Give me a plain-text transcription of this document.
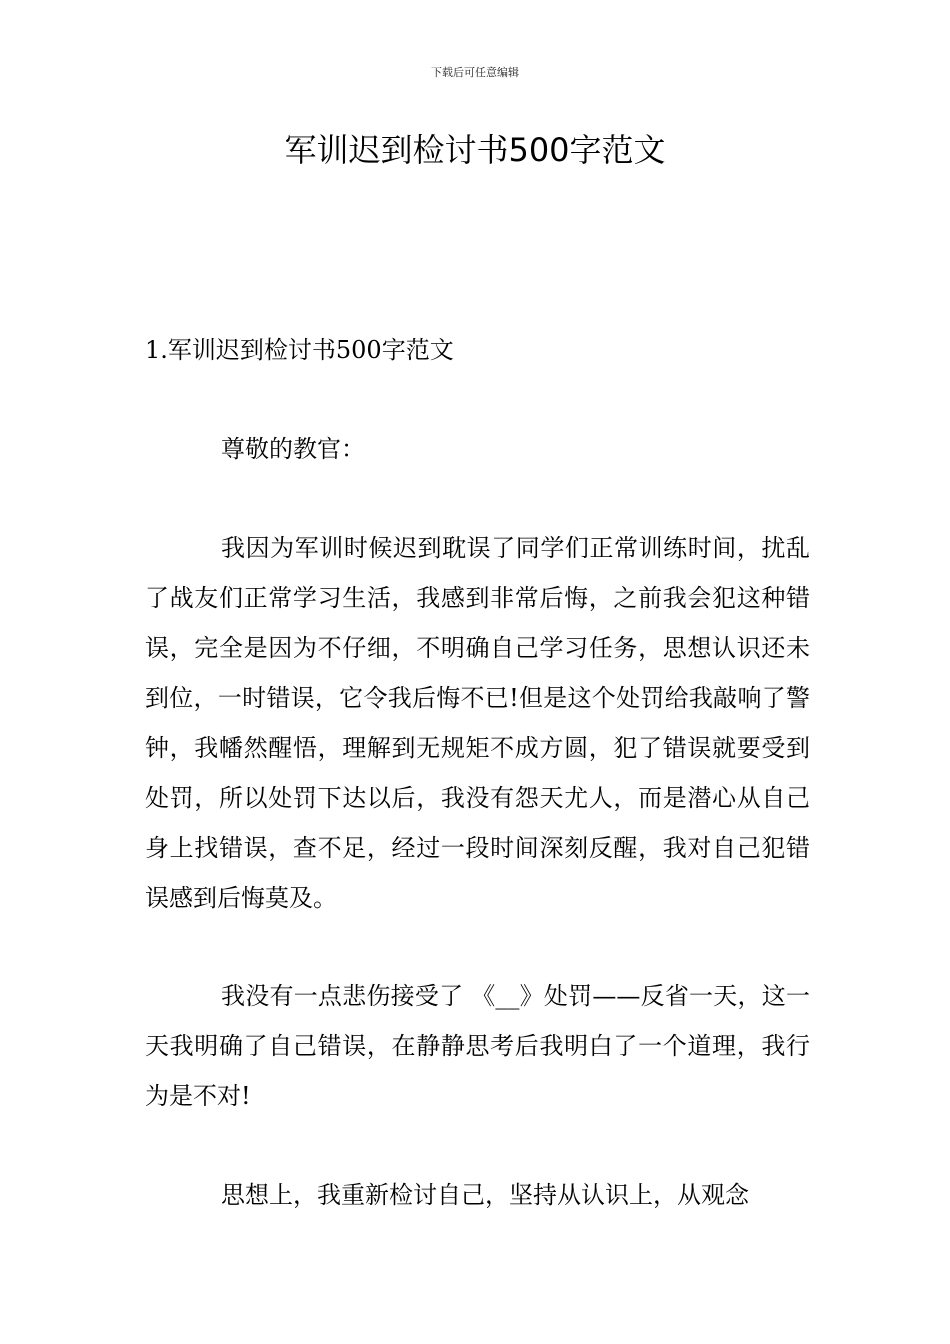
下载后可任意编辑
军训迟到检讨书500字范文

1.军训迟到检讨书500字范文

尊敬的教官：

我因为军训时候迟到耽误了同学们正常训练时间，扰乱了战友们正常学习生活，我感到非常后悔，之前我会犯这种错误，完全是因为不仔细，不明确自己学习任务，思想认识还未到位，一时错误，它令我后悔不已!但是这个处罚给我敲响了警钟，我幡然醒悟，理解到无规矩不成方圆，犯了错误就要受到处罚，所以处罚下达以后，我没有怨天尤人，而是潜心从自己身上找错误，查不足，经过一段时间深刻反醒，我对自己犯错误感到后悔莫及。

我没有一点悲伤接受了 《__》处罚——反省一天，这一天我明确了自己错误，在静静思考后我明白了一个道理，我行为是不对!

思想上，我重新检讨自己，坚持从认识上，从观念
